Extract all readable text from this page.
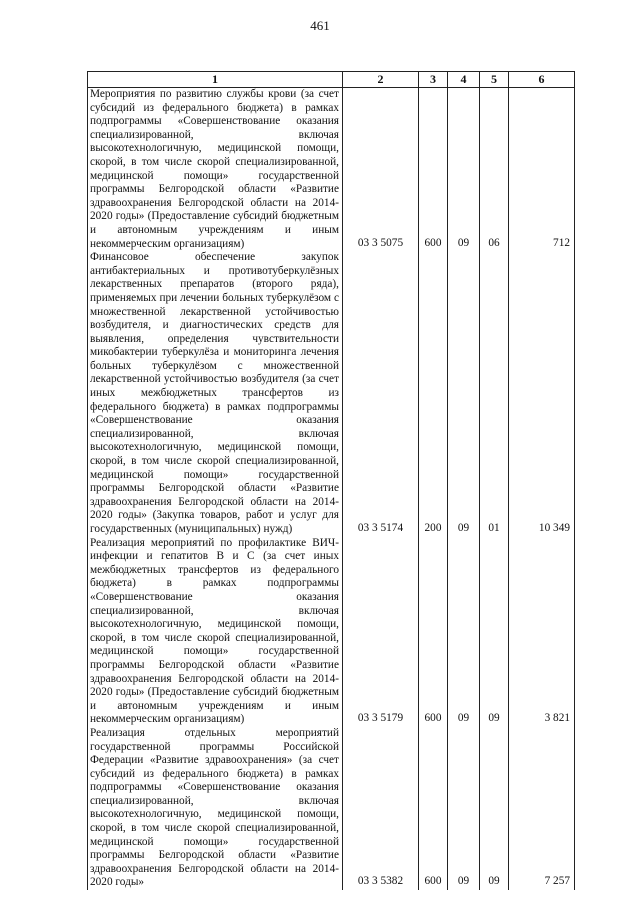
461
1	2	3	4	5	6
Мероприятия по развитию службы крови (за счет субсидий из федерального бюджета) в рамках подпрограммы «Совершенствование оказания специализированной, включая высокотехнологичную, медицинской помощи, скорой, в том числе скорой специализированной, медицинской помощи» государственной программы Белгородской области «Развитие здравоохранения Белгородской области на 2014-2020 годы» (Предоставление субсидий бюджетным и автономным учреждениям и иным некоммерческим организациям)	03 3 5075	600	09	06	712
Финансовое обеспечение закупок антибактериальных и противотуберкулёзных лекарственных препаратов (второго ряда), применяемых при лечении больных туберкулёзом с множественной лекарственной устойчивостью возбудителя, и диагностических средств для выявления, определения чувствительности микобактерии туберкулёза и мониторинга лечения больных туберкулёзом с множественной лекарственной устойчивостью возбудителя (за счет иных межбюджетных трансфертов из федерального бюджета) в рамках подпрограммы «Совершенствование оказания специализированной, включая высокотехнологичную, медицинской помощи, скорой, в том числе скорой специализированной, медицинской помощи» государственной программы Белгородской области «Развитие здравоохранения Белгородской области на 2014-2020 годы» (Закупка товаров, работ и услуг для государственных (муниципальных) нужд)	03 3 5174	200	09	01	10 349
Реализация мероприятий по профилактике ВИЧ-инфекции и гепатитов В и С (за счет иных межбюджетных трансфертов из федерального бюджета) в рамках подпрограммы «Совершенствование оказания специализированной, включая высокотехнологичную, медицинской помощи, скорой, в том числе скорой специализированной, медицинской помощи» государственной программы Белгородской области «Развитие здравоохранения Белгородской области на 2014-2020 годы» (Предоставление субсидий бюджетным и автономным учреждениям и иным некоммерческим организациям)	03 3 5179	600	09	09	3 821
Реализация отдельных мероприятий государственной программы Российской Федерации «Развитие здравоохранения» (за счет субсидий из федерального бюджета) в рамках подпрограммы «Совершенствование оказания специализированной, включая высокотехнологичную, медицинской помощи, скорой, в том числе скорой специализированной, медицинской помощи» государственной программы Белгородской области «Развитие здравоохранения Белгородской области на 2014-2020 годы»	03 3 5382	600	09	09	7 257
